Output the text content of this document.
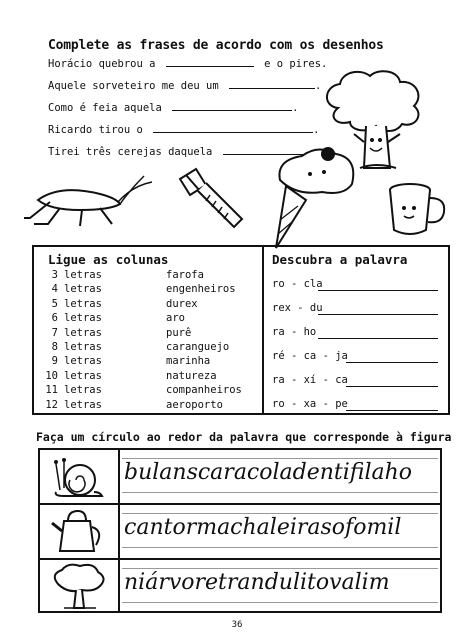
Complete as frases de acordo com os desenhos
Horácio quebrou a	e o pires.
Aquele sorveteiro me deu um	.
Como é feia aquela	.
Ricardo tirou o	.
Tirei três cerejas daquela
Ligue as colunas
3 letras	farofa
4 letras	engenheiros
5 letras	durex
6 letras	aro
7 letras	purê
8 letras	caranguejo
9 letras	marinha
10 letras	natureza
11 letras	companheiros
12 letras	aeroporto
Descubra a palavra
ro - cla
rex - du
ra - ho
ré - ca - ja
ra - xí - ca
ro - xa - pe
Faça um círculo ao redor da palavra que corresponde à figura
bulanscaracoladentifilaho
cantormachaleirasofomil
niárvoretrandulitovalim
36
